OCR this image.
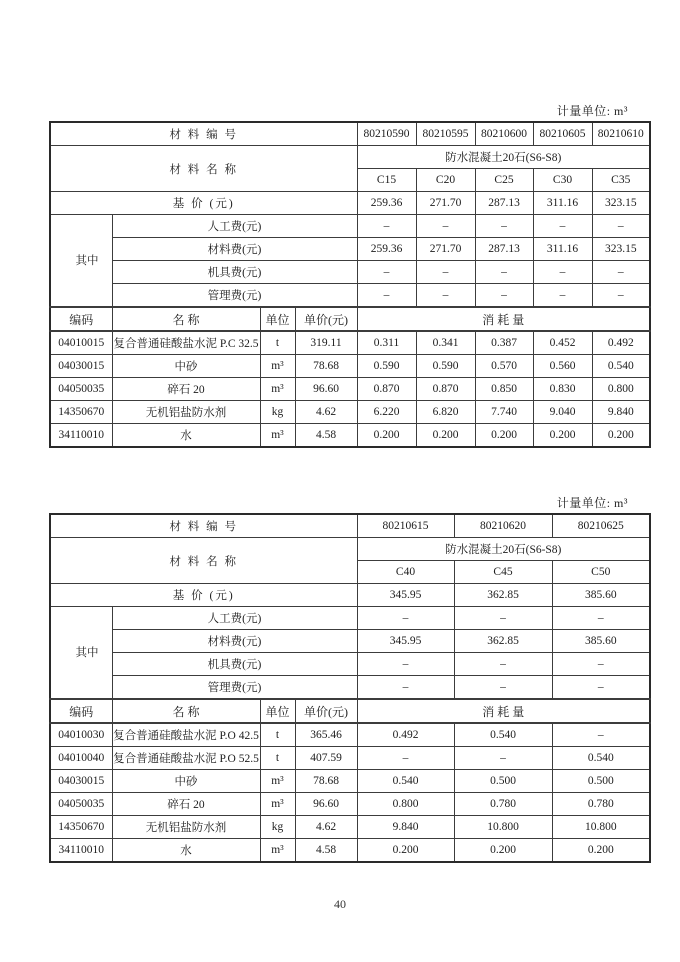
计量单位: m³
材 料 编 号				80210590	80210595	80210600	80210605	80210610
材 料 名 称				防水混凝土20石(S6-S8)				
				C15	C20	C25	C30	C35
基 价 (元)				259.36	271.70	287.13	311.16	323.15
其中	人工费(元)			–	–	–	–	–
	材料费(元)			259.36	271.70	287.13	311.16	323.15
	机具费(元)			–	–	–	–	–
	管理费(元)			–	–	–	–	–
编码	名 称	单位	单价(元)	消 耗 量				
04010015	复合普通硅酸盐水泥 P.C 32.5	t	319.11	0.311	0.341	0.387	0.452	0.492
04030015	中砂	m³	78.68	0.590	0.590	0.570	0.560	0.540
04050035	碎石 20	m³	96.60	0.870	0.870	0.850	0.830	0.800
14350670	无机铝盐防水剂	kg	4.62	6.220	6.820	7.740	9.040	9.840
34110010	水	m³	4.58	0.200	0.200	0.200	0.200	0.200
计量单位: m³
材 料 编 号				80210615	80210620	80210625
材 料 名 称				防水混凝土20石(S6-S8)		
				C40	C45	C50
基 价 (元)				345.95	362.85	385.60
其中	人工费(元)			–	–	–
	材料费(元)			345.95	362.85	385.60
	机具费(元)			–	–	–
	管理费(元)			–	–	–
编码	名 称	单位	单价(元)	消 耗 量		
04010030	复合普通硅酸盐水泥 P.O 42.5	t	365.46	0.492	0.540	–
04010040	复合普通硅酸盐水泥 P.O 52.5	t	407.59	–	–	0.540
04030015	中砂	m³	78.68	0.540	0.500	0.500
04050035	碎石 20	m³	96.60	0.800	0.780	0.780
14350670	无机铝盐防水剂	kg	4.62	9.840	10.800	10.800
34110010	水	m³	4.58	0.200	0.200	0.200
40
